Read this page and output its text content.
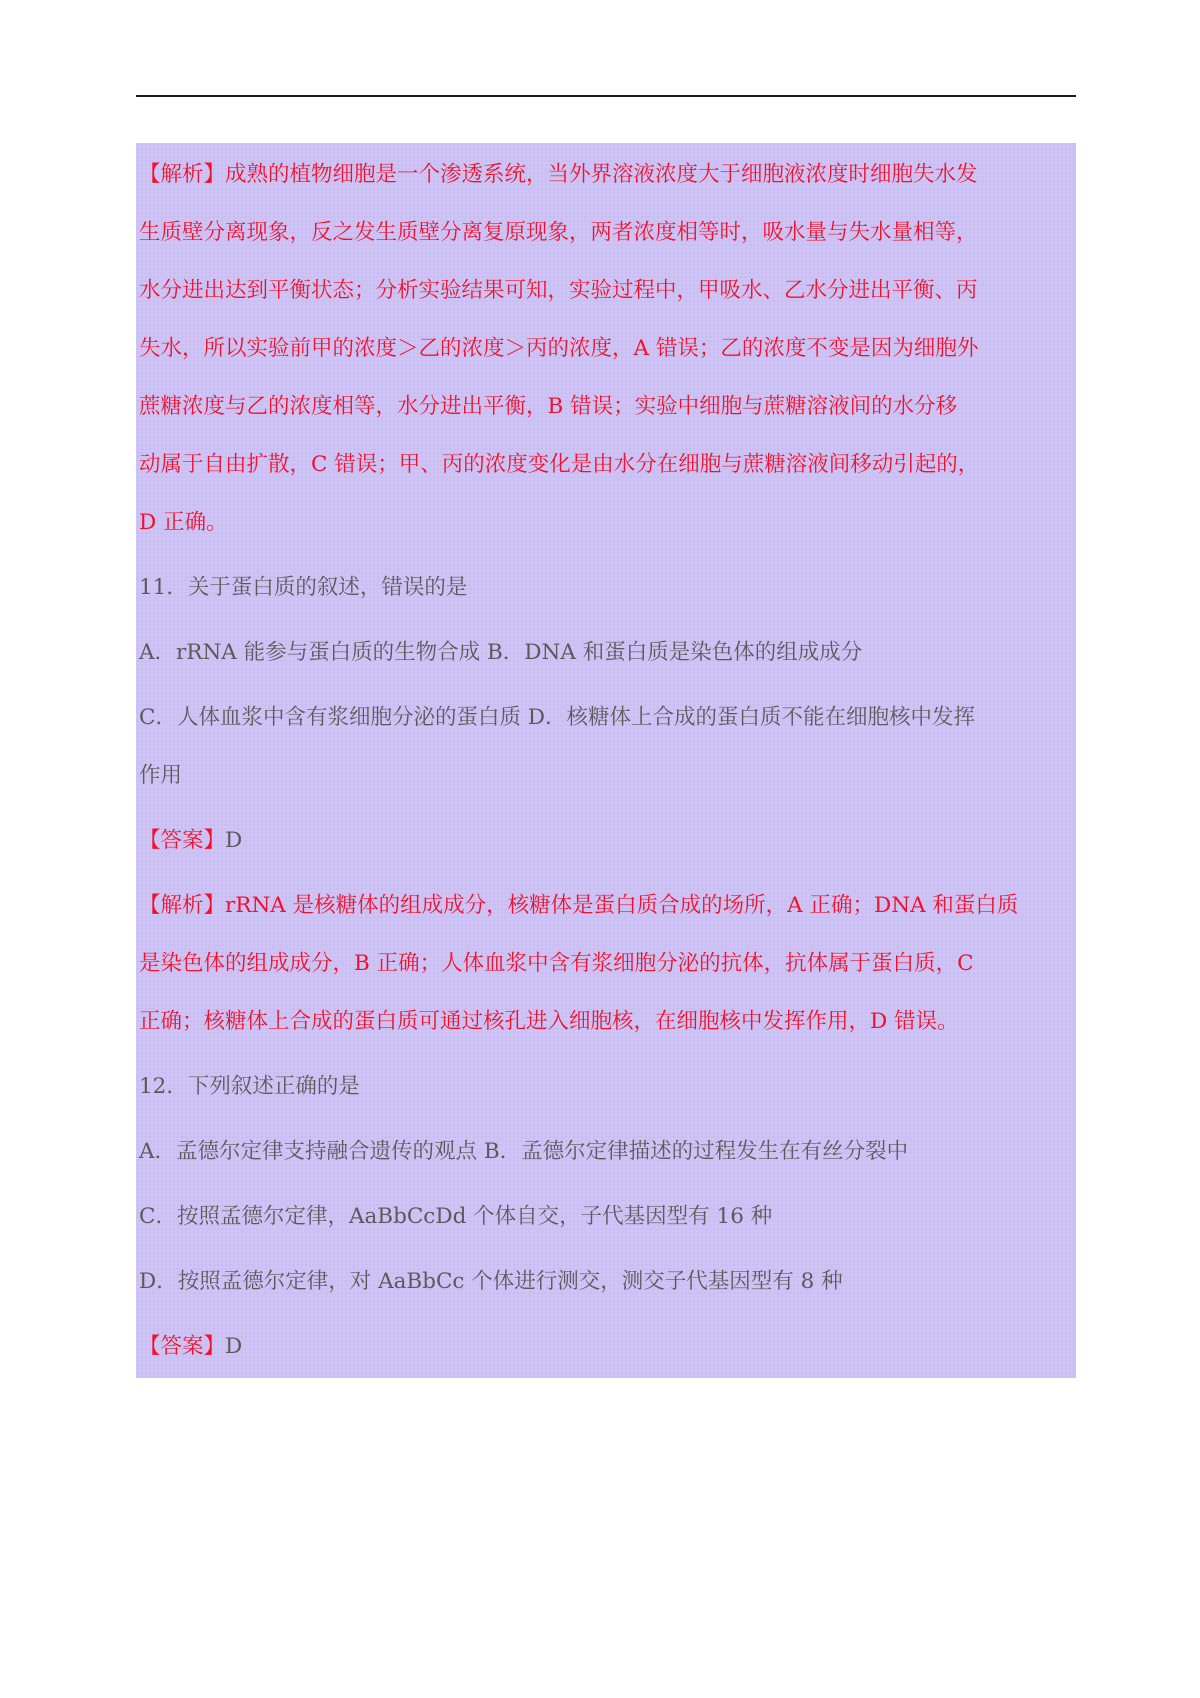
【解析】成熟的植物细胞是一个渗透系统，当外界溶液浓度大于细胞液浓度时细胞失水发
生质壁分离现象，反之发生质壁分离复原现象，两者浓度相等时，吸水量与失水量相等，
水分进出达到平衡状态；分析实验结果可知，实验过程中，甲吸水、乙水分进出平衡、丙
失水，所以实验前甲的浓度＞乙的浓度＞丙的浓度，A 错误；乙的浓度不变是因为细胞外
蔗糖浓度与乙的浓度相等，水分进出平衡，B 错误；实验中细胞与蔗糖溶液间的水分移
动属于自由扩散，C 错误；甲、丙的浓度变化是由水分在细胞与蔗糖溶液间移动引起的，
D 正确。
11．关于蛋白质的叙述，错误的是
A．rRNA 能参与蛋白质的生物合成 B．DNA 和蛋白质是染色体的组成成分
C．人体血浆中含有浆细胞分泌的蛋白质 D．核糖体上合成的蛋白质不能在细胞核中发挥
作用
【答案】D
【解析】rRNA 是核糖体的组成成分，核糖体是蛋白质合成的场所，A 正确；DNA 和蛋白质
是染色体的组成成分，B 正确；人体血浆中含有浆细胞分泌的抗体，抗体属于蛋白质，C
正确；核糖体上合成的蛋白质可通过核孔进入细胞核，在细胞核中发挥作用，D 错误。
12．下列叙述正确的是
A．孟德尔定律支持融合遗传的观点 B．孟德尔定律描述的过程发生在有丝分裂中
C．按照孟德尔定律，AaBbCcDd 个体自交，子代基因型有 16 种
D．按照孟德尔定律，对 AaBbCc 个体进行测交，测交子代基因型有 8 种
【答案】D
